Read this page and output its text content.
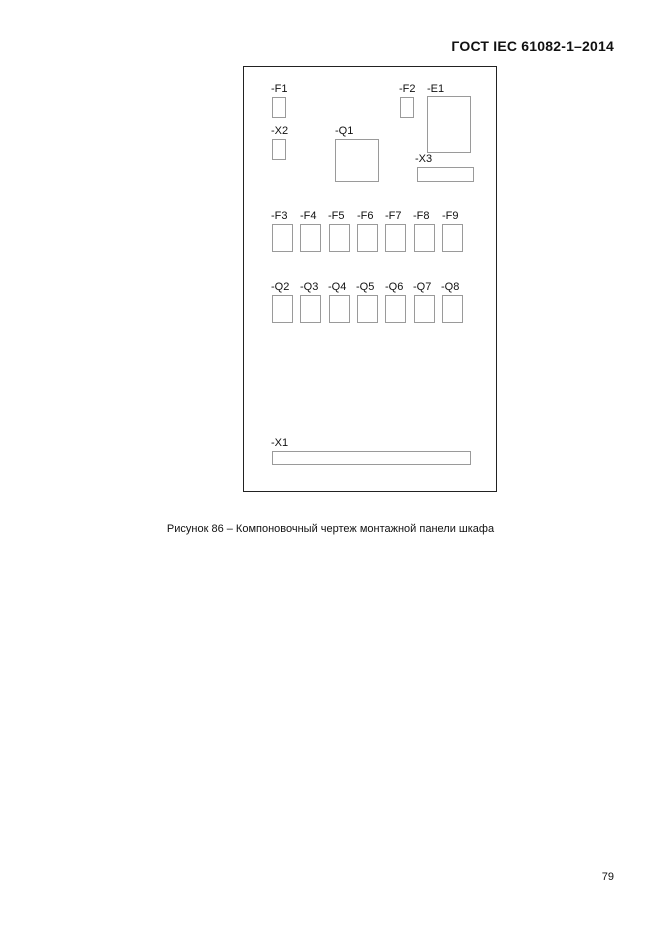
ГОСТ IEC 61082-1–2014
-F1	-F2 -E1
-X2	-Q1
-X3
-F3 -F4 -F5 -F6 -F7 -F8 -F9
-Q2 -Q3 -Q4 -Q5 -Q6 -Q7 -Q8
-X1
Рисунок 86 – Компоновочный чертеж монтажной панели шкафа
79
